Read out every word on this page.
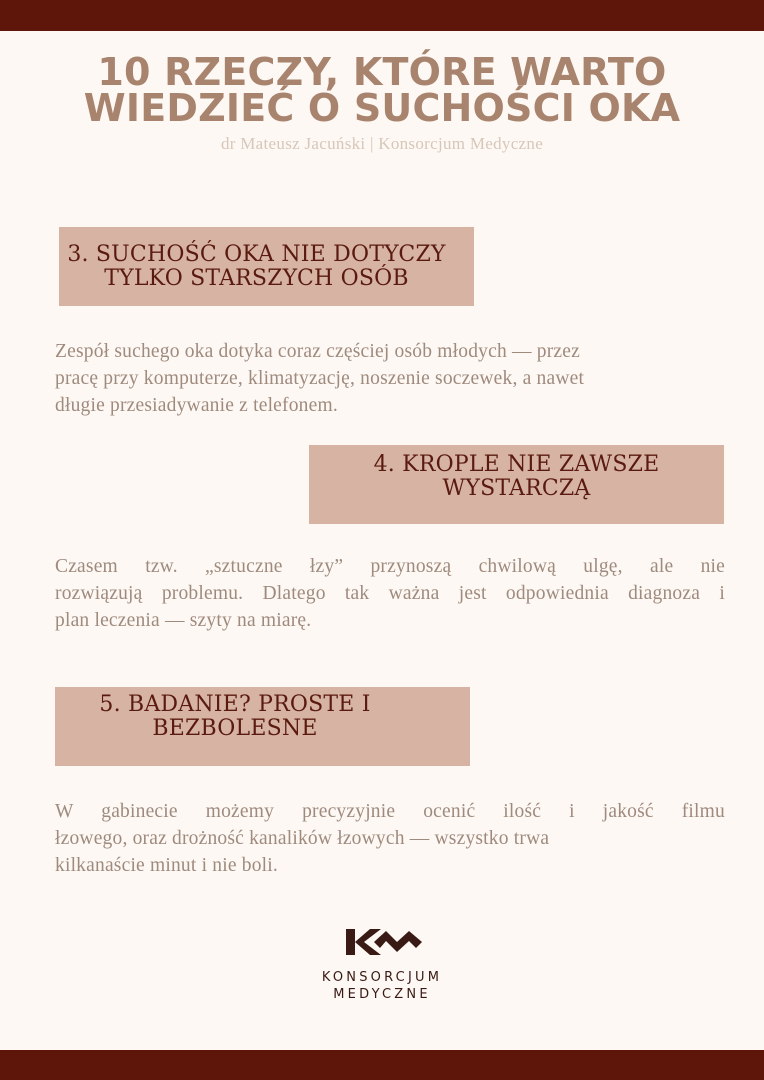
10 RZECZY, KTÓRE WARTO
WIEDZIEĆ O SUCHOŚCI OKA
dr Mateusz Jacuński | Konsorcjum Medyczne
3. SUCHOŚĆ OKA NIE DOTYCZY
TYLKO STARSZYCH OSÓB
Zespół suchego oka dotyka coraz częściej osób młodych — przez
pracę przy komputerze, klimatyzację, noszenie soczewek, a nawet
długie przesiadywanie z telefonem.
4. KROPLE NIE ZAWSZE
WYSTARCZĄ
Czasem tzw. „sztuczne łzy” przynoszą chwilową ulgę, ale nie
rozwiązują problemu. Dlatego tak ważna jest odpowiednia diagnoza i
plan leczenia — szyty na miarę.
5. BADANIE? PROSTE I
BEZBOLESNE
W gabinecie możemy precyzyjnie ocenić ilość i jakość filmu
łzowego, oraz drożność kanalików łzowych — wszystko trwa
kilkanaście minut i nie boli.
KONSORCJUM
MEDYCZNE
